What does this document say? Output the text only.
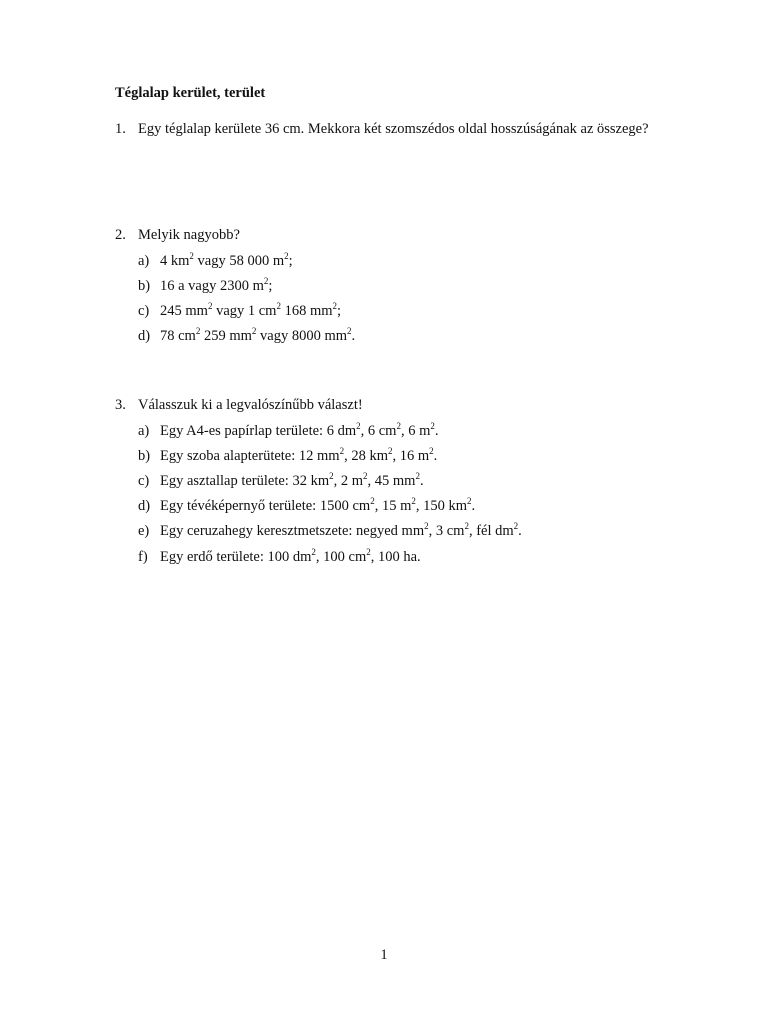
Téglalap kerület, terület
1. Egy téglalap kerülete 36 cm. Mekkora két szomszédos oldal hosszúságának az összege?
2. Melyik nagyobb?
a) 4 $km^2$ vagy 58 000 $m^2$;
b) 16 a vagy 2300 $m^2$;
c) 245 $mm^2$ vagy 1 $cm^2$ 168 $mm^2$;
d) 78 $cm^2$ 259 $mm^2$ vagy 8000 $mm^2$.
3. Válasszuk ki a legvalószínűbb választ!
a) Egy A4-es papírlap területe: 6 $dm^2$, 6 $cm^2$, 6 $m^2$.
b) Egy szoba alapterütete: 12 $mm^2$, 28 $km^2$, 16 $m^2$.
c) Egy asztallap területe: 32 $km^2$, 2 $m^2$, 45 $mm^2$.
d) Egy tévéképernyő területe: 1500 $cm^2$, 15 $m^2$, 150 $km^2$.
e) Egy ceruzahegy keresztmetszete: negyed $mm^2$, 3 $cm^2$, fél $dm^2$.
f) Egy erdő területe: 100 $dm^2$, 100 $cm^2$, 100 ha.
1
